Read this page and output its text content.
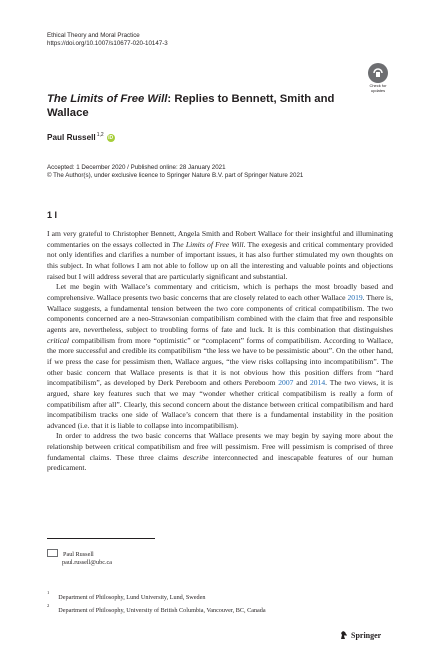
Ethical Theory and Moral Practice
https://doi.org/10.1007/s10677-020-10147-3
Check for
updates
The Limits of Free Will: Replies to Bennett, Smith and Wallace
Paul Russell$^{1,2}$ iD
Accepted: 1 December 2020 / Published online: 28 January 2021
© The Author(s), under exclusive licence to Springer Nature B.V. part of Springer Nature 2021
1 I

I am very grateful to Christopher Bennett, Angela Smith and Robert Wallace for their insightful and illuminating commentaries on the essays collected in The Limits of Free Will. The exegesis and critical commentary provided not only identifies and clarifies a number of important issues, it has also further stimulated my own thoughts on this subject. In what follows I am not able to follow up on all the interesting and valuable points and objections raised but I will address several that are particularly significant and substantial.

Let me begin with Wallace’s commentary and criticism, which is perhaps the most broadly based and comprehensive. Wallace presents two basic concerns that are closely related to each other Wallace 2019. There is, Wallace suggests, a fundamental tension between the two core components of critical compatibilism. The two components concerned are a neo-Strawsonian compatibilism combined with the claim that free and responsible agents are, nevertheless, subject to troubling forms of fate and luck. It is this combination that distinguishes critical compatibilism from more “optimistic” or “complacent” forms of compatibilism. According to Wallace, the more successful and credible its compatibilism “the less we have to be pessimistic about”. On the other hand, if we press the case for pessimism then, Wallace argues, “the view risks collapsing into incompatibilism”. The other basic concern that Wallace presents is that it is not obvious how this position differs from “hard incompatibilism”, as developed by Derk Pereboom and others Pereboom 2007 and 2014. The two views, it is argued, share key features such that we may “wonder whether critical compatibilism is really a form of compatibilism after all”. Clearly, this second concern about the distance between critical compatibilism and hard incompatibilism tracks one side of Wallace’s concern that there is a fundamental instability in the position advanced (i.e. that it is liable to collapse into incompatibilism).

In order to address the two basic concerns that Wallace presents we may begin by saying more about the relationship between critical compatibilism and free will pessimism. Free will pessimism is comprised of three fundamental claims. These three claims describe interconnected and inescapable features of our human predicament.

Paul Russell
paul.russell@ubc.ca
$^1$Department of Philosophy, Lund University, Lund, Sweden
$^2$Department of Philosophy, University of British Columbia, Vancouver, BC, Canada
Springer
